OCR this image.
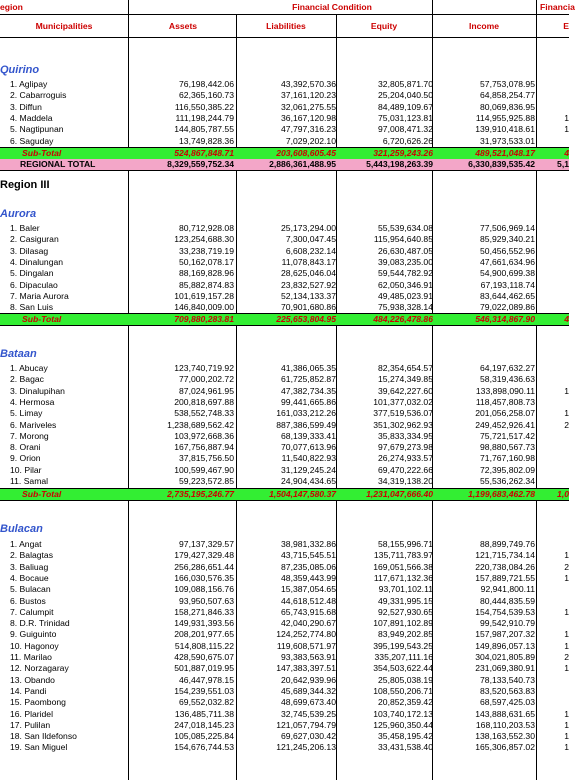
egion	Financial Condition	Financia
Municipalities	Assets	Liabilities	Equity	Income	E
Quirino
1. Aglipay	76,198,442.06	43,392,570.36	32,805,871.70	57,753,078.95
2. Cabarroguis	62,365,160.73	37,161,120.23	25,204,040.50	64,858,254.77
3. Diffun	116,550,385.22	32,061,275.55	84,489,109.67	80,069,836.95
4. Maddela	111,198,244.79	36,167,120.98	75,031,123.81	114,955,925.88	1
5. Nagtipunan	144,805,787.55	47,797,316.23	97,008,471.32	139,910,418.61	1
6. Saguday	13,749,828.36	7,029,202.10	6,720,626.26	31,973,533.01
Sub-Total	524,867,848.71	203,608,605.45	321,259,243.26	489,521,048.17	4
REGIONAL TOTAL	8,329,559,752.34	2,886,361,488.95	5,443,198,263.39	6,330,839,535.42	5,1
Region III
Aurora
1. Baler	80,712,928.08	25,173,294.00	55,539,634.08	77,506,969.14
2. Casiguran	123,254,688.30	7,300,047.45	115,954,640.85	85,929,340.21
3. Dilasag	33,238,719.19	6,608,232.14	26,630,487.05	50,456,552.96
4. Dinalungan	50,162,078.17	11,078,843.17	39,083,235.00	47,661,634.96
5. Dingalan	88,169,828.96	28,625,046.04	59,544,782.92	54,900,699.38
6. Dipaculao	85,882,874.83	23,832,527.92	62,050,346.91	67,193,118.74
7. Maria Aurora	101,619,157.28	52,134,133.37	49,485,023.91	83,644,462.65
8. San Luis	146,840,009.00	70,901,680.86	75,938,328.14	79,022,089.86
Sub-Total	709,880,283.81	225,653,804.95	484,226,478.86	546,314,867.90	4
Bataan
1. Abucay	123,740,719.92	41,386,065.35	82,354,654.57	64,197,632.27
2. Bagac	77,000,202.72	61,725,852.87	15,274,349.85	58,319,436.63
3. Dinalupihan	87,024,961.95	47,382,734.35	39,642,227.60	133,898,090.11	1
4. Hermosa	200,818,697.88	99,441,665.86	101,377,032.02	118,457,808.73
5. Limay	538,552,748.33	161,033,212.26	377,519,536.07	201,056,258.07	1
6. Mariveles	1,238,689,562.42	887,386,599.49	351,302,962.93	249,452,926.41	2
7. Morong	103,972,668.36	68,139,333.41	35,833,334.95	75,721,517.42
8. Orani	167,756,887.94	70,077,613.96	97,679,273.98	98,880,567.73
9. Orion	37,815,756.50	11,540,822.93	26,274,933.57	71,767,160.98
10. Pilar	100,599,467.90	31,129,245.24	69,470,222.66	72,395,802.09
11. Samal	59,223,572.85	24,904,434.65	34,319,138.20	55,536,262.34
Sub-Total	2,735,195,246.77	1,504,147,580.37	1,231,047,666.40	1,199,683,462.78	1,0
Bulacan
1. Angat	97,137,329.57	38,981,332.86	58,155,996.71	88,899,749.76
2. Balagtas	179,427,329.48	43,715,545.51	135,711,783.97	121,715,734.14	1
3. Baliuag	256,286,651.44	87,235,085.06	169,051,566.38	220,738,084.26	2
4. Bocaue	166,030,576.35	48,359,443.99	117,671,132.36	157,889,721.55	1
5. Bulacan	109,088,156.76	15,387,054.65	93,701,102.11	92,941,800.11
6. Bustos	93,950,507.63	44,618,512.48	49,331,995.15	80,444,835.59
7. Calumpit	158,271,846.33	65,743,915.68	92,527,930.65	154,754,539.53	1
8. D.R. Trinidad	149,931,393.56	42,040,290.67	107,891,102.89	99,542,910.79
9. Guiguinto	208,201,977.65	124,252,774.80	83,949,202.85	157,987,207.32	1
10. Hagonoy	514,808,115.22	119,608,571.97	395,199,543.25	149,896,057.13	1
11. Marilao	428,590,675.07	93,383,563.91	335,207,111.16	304,021,805.89	2
12. Norzagaray	501,887,019.95	147,383,397.51	354,503,622.44	231,069,380.91	1
13. Obando	46,447,978.15	20,642,939.96	25,805,038.19	78,133,540.73
14. Pandi	154,239,551.03	45,689,344.32	108,550,206.71	83,520,563.83
15. Paombong	69,552,032.82	48,699,673.40	20,852,359.42	68,597,425.03
16. Plaridel	136,485,711.38	32,745,539.25	103,740,172.13	143,888,631.65	1
17. Pulilan	247,018,145.23	121,057,794.79	125,960,350.44	168,110,203.53	1
18. San Ildefonso	105,085,225.84	69,627,030.42	35,458,195.42	138,163,552.30	1
19. San Miguel	154,676,744.53	121,245,206.13	33,431,538.40	165,306,857.02	1
